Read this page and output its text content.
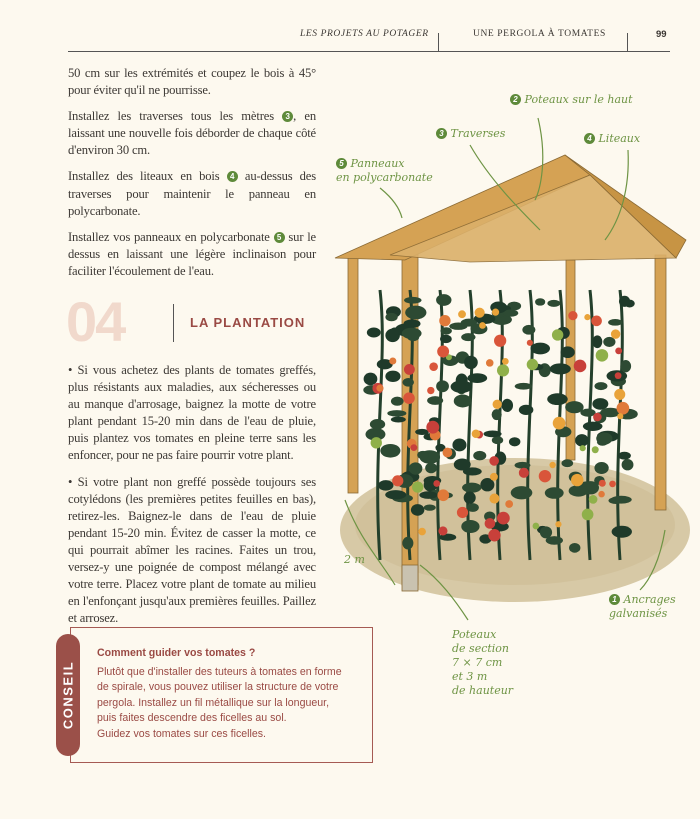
LES PROJETS AU POTAGER	UNE PERGOLA À TOMATES	99

50 cm sur les extrémités et coupez le bois à 45° pour éviter qu'il ne pourrisse.

Installez les traverses tous les mètres 3 , en laissant une nouvelle fois déborder de chaque côté d'environ 30 cm.

Installez des liteaux en bois 4 au-dessus des traverses pour maintenir le panneau en polycarbonate.

Installez vos panneaux en polycarbonate 5 sur le dessus en laissant une légère inclinaison pour faciliter l'écoulement de l'eau.

04	LA PLANTATION

• Si vous achetez des plants de tomates greffés, plus résistants aux maladies, aux sécheresses ou au manque d'arrosage, baignez la motte de votre plant pendant 15-20 min dans de l'eau de pluie, puis plantez vos tomates en pleine terre sans les enfoncer, pour ne pas faire pourrir votre plant.

• Si votre plant non greffé possède toujours ses cotylédons (les premières petites feuilles en bas), retirez-les. Baignez-le dans de l'eau de pluie pendant 15-20 min. Évitez de casser la motte, ce qui pourrait abîmer les racines. Faites un trou, versez-y une poignée de compost mélangé avec votre terre. Placez votre plant de tomate au milieu en l'enfonçant jusqu'aux premières feuilles. Paillez et arrosez.

Comment guider vos tomates ?
Plutôt que d'installer des tuteurs à tomates en forme
de spirale, vous pouvez utiliser la structure de votre
pergola. Installez un fil métallique sur la longueur,
puis faites descendre des ficelles au sol.
Guidez vos tomates sur ces ficelles.
CONSEIL
2 Poteaux sur le haut
3 Traverses	4 Liteaux
5 Panneaux
en polycarbonate
1 Ancrages
galvanisés
2 m
Poteaux
de section
7 × 7 cm
et 3 m
de hauteur
